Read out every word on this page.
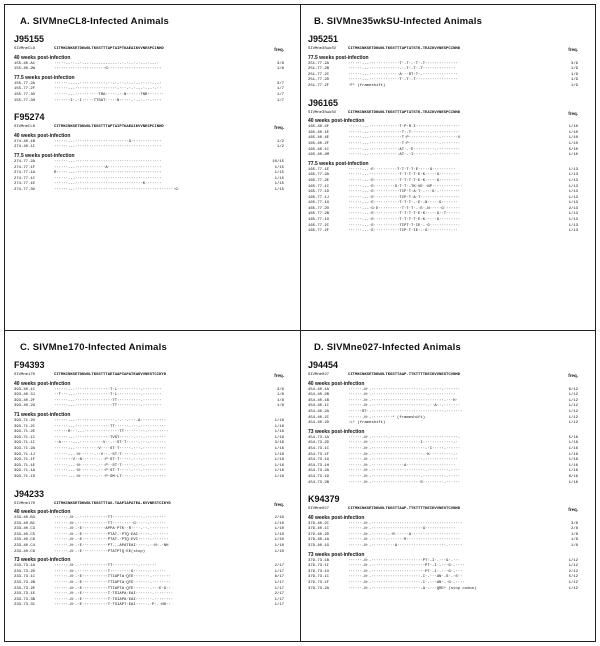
A. SIVMneCL8-Infected Animals
J95155
SIVMneCL8	CITMKCNKSETDKWGLTKSSTTTAPTAIPTKAEAIKVVNESPCINHD	freq.
40 weeks post-infection
155-40.A1	·····--··--·---·-----------·-·-·--·-·---·---·	3/8
155-40.2W	······················G·······················	1/8
77.5 weeks post-infection
155-77.2A	······-----···········-··-·-··-·--·--··-··---·	3/7
155-77.2F	······---··················-···-·-·---·---·-··	1/7
155-77.3O	······---··········TRA·····-··N······TNR·······	1/7
155-77.3H	·······I·-·I·····TTSAT·····N·····-·--·-··-····	1/7
F95274
SIVMneCL8	CITMKCNKSETDKWGLTKSSTTTAPTAIPTKAEAIKVVNESPCINHD	freq.
40 weeks post-infection
274-40.1B	······---·······················G·············	1/2
274-40.1I	······---·····································	1/2
77.5 weeks post-infection
274-77.2A	······---·····································	10/15
274-77.1F	······---·············A·······················	1/15
274-77.1A	R·····---·····································	1/15
274-77.1C	······---·····································	1/15
274-77.1E	······---·····························K·······	1/15
274-77.3O	······---···········································G·	1/15
B. SIVMne35wkSU-Infected Animals
J95251
SIVMne35wkSU	CITMKCNKSETDKWGLTKSSTTTAPTATSTK-TEAIKVVNESPCINHD	freq.
77.5 weeks post-infection
251-77.2A	······---·············T·-T·-·T·-T··············	3/9
251-77.2B	······---·············-·-T·-T·-T··············	1/9
251-77.2C	······---·············A···RT·T·-···············	1/9
251-77.2D	······---·············T·-T·-T··················	1/9
251-77.2F	·F* (frameshift)	1/9
J96165
SIVMne35wkSU	CITMKCNKSETDKWGLTKSSTTTAPTATSTK-TEAIKVVNESPCINHD	freq.
40 weeks post-infection
165-40.4F	······---·············T·P·R·I···················	1/10
165-40.1E	······---··············T·-T········-············	1/10
165-40.4E	······---··············T·P·············-·······V	1/10
165-40.2F	······---··············T·P·············-········	1/10
165-40.1C	······---·············AT·-·E·········-··········	5/10
165-40.4M	······---·············AT·-·I·······-············	1/10
77.5 weeks post-infection
165-77.1E	······---·E··········T·T·T·T·E·····G··········	1/13
165-77.2A	······---·············T·T·T·T·E·K·····G·········	1/13
165-77.2E	······---·E···········T·T·T·T·E·K·····G·········	1/13
165-77.1C	······---·E·········S·T·T·-TK·VE··NP·············	1/13
165-77.1D	······---·E···········TIP·T·A·T·-···G·-·········	1/13
165-77.1J	······---·E···········TIP·T·A·T·················	1/13
165-77.1G	······---·E···········T·T·T·-·E·-N·····G·······	1/13
165-77.2O	······---·G·E··········T·T·T·-·E·-N·····G·······	2/13
165-77.2B	······---·E···········T·T·T·T·E·K·····G··T······	1/13
165-77.1O	······---·E···········T·T·T·T·E·K·····G·········	1/13
165-77.2C	······---·E···········TIPT·T·IE·-·G·············	1/13
165-77.2F	······---·E···········TIP·T·IE·-·G·············	1/13
C. SIVMne170-Infected Animals
F94393
SIVMne170	CITMKCNKSETDKWGLTKSSTTTAETAAPIAPATEAKVVNESTCIKYD	freq.
40 weeks post-infection
393-40.1C	······---···············T·L··········-········	3/6
393-40.3J	··T···---···············T·L··········-········	1/6
393-40.2F	······---················TT··········-········	1/6
393-40.2G	······---················TT··········-········	1/6
71 weeks post-infection
393-71.2O	······---·················-·-··-···-A···········	1/16
393-71.2C	······---···············TT······-···-···········	1/16
393-71.2E	······R···---···············TT·········-·········	1/16
393-71.1C	······---···············TVST······-···-·········	1/16
393-71.1I	··A·····---··········V··-··ST·T·····-···-·······	3/16
393-71.2A	······---··········V····ST·T·····-···-··········	1/16
393-71.1J	······---·N······-··V··-·ST·T·····-···-·········	1/16
393-71.1F	········V··N·······-··P·ST·T·····-···-··········	1/16
393-71.1E	······---·N·······-···P··ST·T·····-···-·········	1/16
393-71.1A	······---·N·······-···P·ST·T·····-···-··········	1/16
393-71.1D	······---·N·······-···P·SM·LT·····-···-·········	1/16
J94233
SIVMne170	CITMKCNKSETDKWGLTKSSTTTAS-TAAPIAPATEA-KVVNESTCIKYD	freq.
40 weeks post-infection
233-40.B3	······-N·-·············TT·············-·········	2/10
233-40.B1	······-N·-·············TT·········G·····-·······	1/10
233-40.C3	······-N·-·E··········APPA·PTK··R····-··-········	1/10
233-40.C5	······-N·-·E···········PTAT-·PTQ·EAI·····-·······	1/10
233-40.C8	······-N·-·E···········PTAT-·PTQ·EVI·····-·······	1/10
233-40.C4	······-N·-·E···········PT---APATEAI·····-··N·-·NH	1/10
233-40.C6	······-N·-·E···········PTATPTQ·EE(stop)	1/10
73 weeks post-infection
233-73.1A	······-N·-·············TT···········-·······	2/17
233-73.2D	······-N·-·············T·········G······-·······	1/17
233-73.1C	······-N·-·E···········TTIAPTA·QTE·······-········	8/17
233-73.2B	······-N·-·E···········TTIAPTA·QTE·······-········	1/17
233-73.2E	······-N·-·E···········TTIAPTA·QTE·······-···E·G··	1/17
233-73.1E	······-N·-·E···········T·TSIAPA·EAI·······-········	2/17
233-73.3B	······-N·-·E···········T·TSIAPA·EAI·······-········	1/17
233-73.3C	······-N·-·E···········T·TSIAPT·EAI·····-·P·-·NH··	1/17
D. SIVMne027-Infected Animals
J94454
SIVMne027	CITMKCNKSETDKWGLTKSSTTAAP-TTKTTTTKEIKVVNESTCVNHD	freq.
40 weeks post-infection
454-40.1A	······-N·-······················-·······-·······	6/12
454-40.2B	······-N·-························-···········	1/12
454-40.1B	······-N·-·······························-···H·	1/12
454-40.1C	······-N·-························-··A··-·······	1/12
454-40.2A	······RT·-·······························-·······	1/12
454-40.2C	······-N·-·········* (frameshift)	1/12
454-40.2D	·L* (frameshift)	1/12
73 weeks post-infection
454-73.1A	······-N·-·······-·····························-	5/16
454-73.2D	······-N·-·····················I·············-·	1/16
454-73.1C	······-N·-·······················-·I·····-······	1/16
454-73.1F	······-N·-······················-·K··········-·	1/16
454-73.1G	······-N·-······················-··············	1/16
454-73.1H	······-N·-··············A·····················	1/16
454-73.2A	······-N·-·······················-·········-····	1/16
454-73.1D	······-N·-·····················-··········-·····	6/16
454-73.2B	······-N·-·····················S·········-······	1/16
K94379
SIVMne027	CITMKCNKSETDKWGLTKSSTTAAP-TTKTTTTKEIKVVNESTCVNHD	freq.
40 weeks post-infection
379-40.2C	······-N·-·······································	3/8
379-40.1C	······-N·-······················G·············	2/8
379-40.2D	······-N·-·······-·R······A·····················	1/8
379-40.1A	······-N·-······-·······R·······················	1/8
379-40.1G	······-N·-··········A·····················-······	1/8
73 weeks post-infection
379-73.1B	······-N·-······················PT·-I·-···G·-···	1/12
379-73.1I	······-N·-·······················PT·-I·-···G·-····	1/12
379-73.1O	······-N·-·······················PT·-I·-···G·-···	2/12
379-73.1C	······-N·-·····················-I·-···AN·-S·-·S··	5/12
379-73.1F	······-N·-·····················-I·-···AN·-·G·-····	1/12
379-73.2A	······-N·-·····················-A·-···QRE* (stop codon)	1/12
